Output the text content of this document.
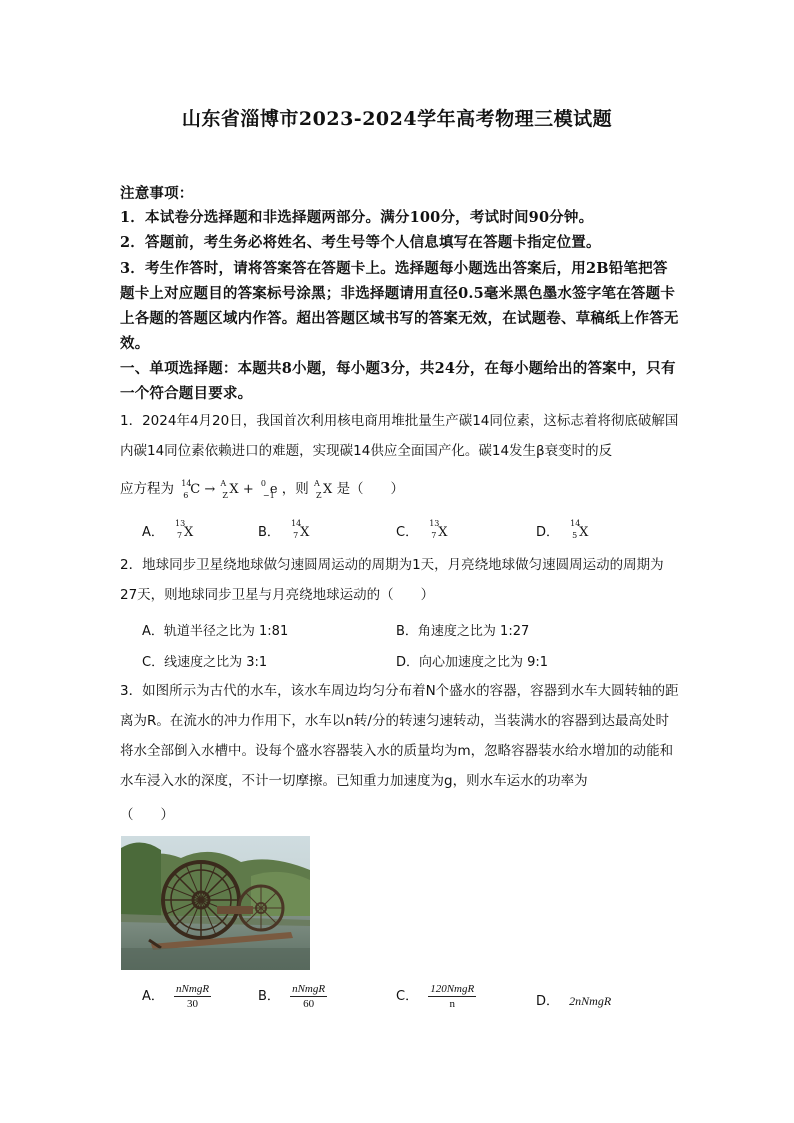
山东省淄博市2023-2024学年高考物理三模试题
注意事项：
1．本试卷分选择题和非选择题两部分。满分100分，考试时间90分钟。
2．答题前，考生务必将姓名、考生号等个人信息填写在答题卡指定位置。
3．考生作答时，请将答案答在答题卡上。选择题每小题选出答案后，用2B铅笔把答题卡上对应题目的答案标号涂黑；非选择题请用直径0.5毫米黑色墨水签字笔在答题卡上各题的答题区域内作答。超出答题区域书写的答案无效，在试题卷、草稿纸上作答无效。
一、单项选择题：本题共8小题，每小题3分，共24分，在每小题给出的答案中，只有一个符合题目要求。
1．2024年4月20日，我国首次利用核电商用堆批量生产碳14同位素，这标志着将彻底破解国内碳14同位素依赖进口的难题，实现碳14供应全面国产化。碳14发生β衰变时的反
应方程为 14
6 C → A
Z X + 0
−1
e ，则 A
Z X 是（　　）
A．
13
7 X	B．
14
7 X	C．
13
7 X	D．
14
5 X
2．地球同步卫星绕地球做匀速圆周运动的周期为1天，月亮绕地球做匀速圆周运动的周期为27天，则地球同步卫星与月亮绕地球运动的（　　）
A．轨道半径之比为 1:81	B．角速度之比为 1:27
C．线速度之比为 3:1	D．向心加速度之比为 9:1
3．如图所示为古代的水车，该水车周边均匀分布着N个盛水的容器，容器到水车大圆转轴的距离为R。在流水的冲力作用下，水车以n转/分的转速匀速转动，当装满水的容器到达最高处时将水全部倒入水槽中。设每个盛水容器装入水的质量均为m，忽略容器装水给水增加的动能和水车浸入水的深度，不计一切摩擦。已知重力加速度为g，则水车运水的功率为
（　　）
A． $\frac{\text{nNmgR}}{30}$	B． $\frac{\text{nNmgR}}{60}$	C． $\frac{\text{120NmgR}}{n}$	D． 2nNmgR
